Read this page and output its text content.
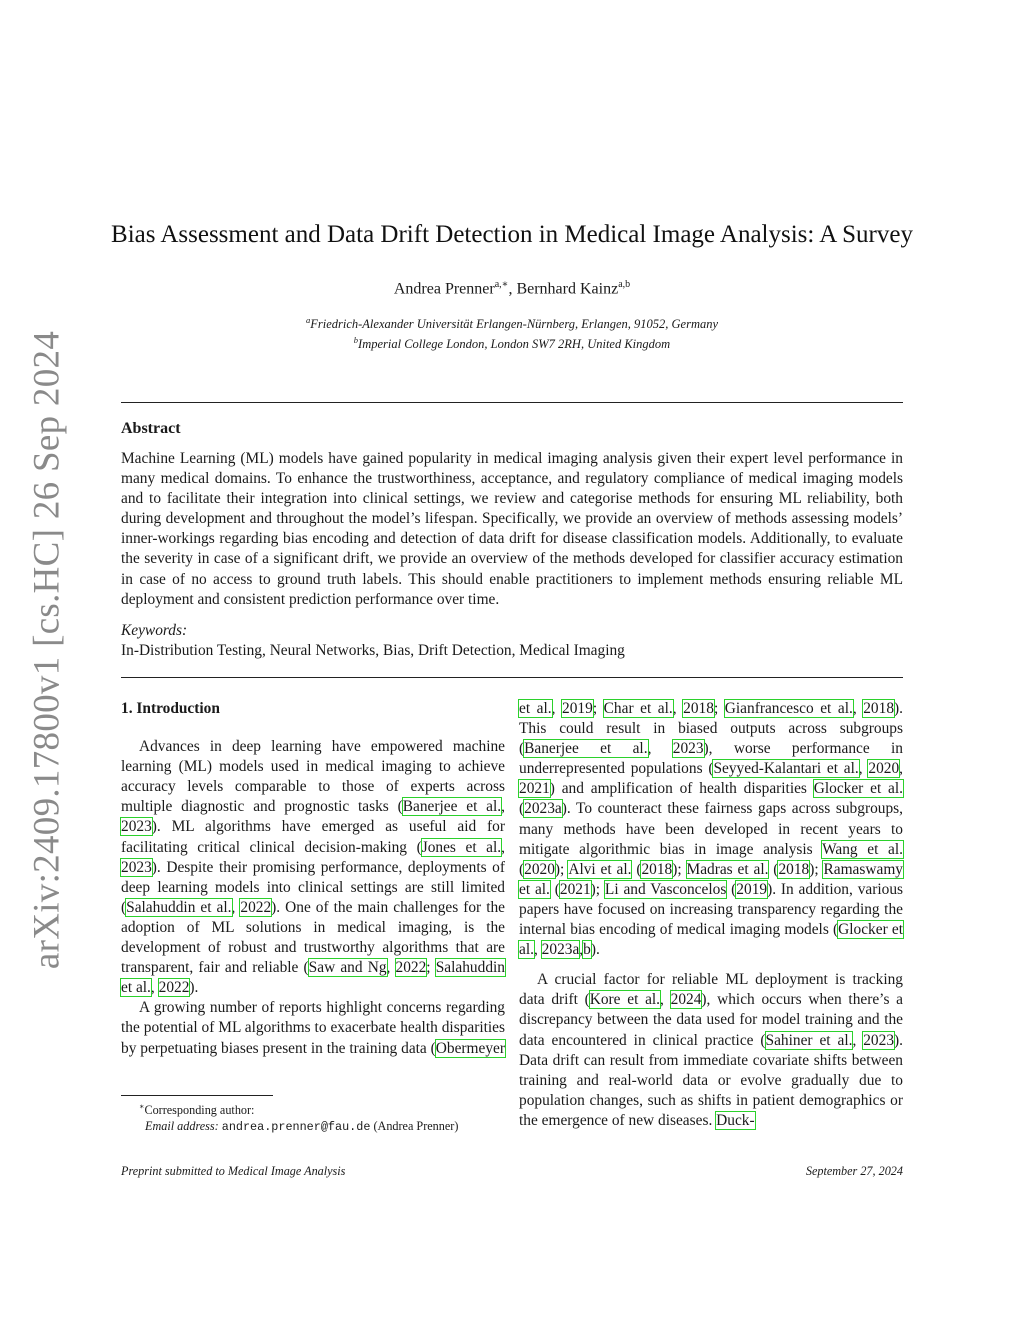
arXiv:2409.17800v1 [cs.HC] 26 Sep 2024
Bias Assessment and Data Drift Detection in Medical Image Analysis: A Survey
Andrea Prenner$^{a,∗}$, Bernhard Kainz$^{a,b}$
$^a$Friedrich-Alexander Universität Erlangen-Nürnberg, Erlangen, 91052, Germany
$^b$Imperial College London, London SW7 2RH, United Kingdom
Abstract
Machine Learning (ML) models have gained popularity in medical imaging analysis given their expert level performance in many medical domains. To enhance the trustworthiness, acceptance, and regulatory compliance of medical imaging models and to facilitate their integration into clinical settings, we review and categorise methods for ensuring ML reliability, both during development and throughout the model’s lifespan. Specifically, we provide an overview of methods assessing models’ inner-workings regarding bias encoding and detection of data drift for disease classification models. Additionally, to evaluate the severity in case of a significant drift, we provide an overview of the methods developed for classifier accuracy estimation in case of no access to ground truth labels. This should enable practitioners to implement methods ensuring reliable ML deployment and consistent prediction performance over time.
Keywords:
In-Distribution Testing, Neural Networks, Bias, Drift Detection, Medical Imaging

1. Introduction

Advances in deep learning have empowered machine learning (ML) models used in medical imaging to achieve accuracy levels comparable to those of experts across multiple diagnostic and prognostic tasks (Banerjee et al., 2023). ML algorithms have emerged as useful aid for facilitating critical clinical decision-making (Jones et al., 2023). Despite their promising performance, deployments of deep learning models into clinical settings are still limited (Salahuddin et al., 2022). One of the main challenges for the adoption of ML solutions in medical imaging, is the development of robust and trustworthy algorithms that are transparent, fair and reliable (Saw and Ng, 2022; Salahuddin et al., 2022).

A growing number of reports highlight concerns regarding the potential of ML algorithms to exacerbate health disparities by perpetuating biases present in the training data (Obermeyer

et al., 2019; Char et al., 2018; Gianfrancesco et al., 2018). This could result in biased outputs across subgroups (Banerjee et al., 2023), worse performance in underrepresented populations (Seyyed-Kalantari et al., 2020, 2021) and amplification of health disparities Glocker et al. (2023a). To counteract these fairness gaps across subgroups, many methods have been developed in recent years to mitigate algorithmic bias in image analysis Wang et al. (2020); Alvi et al. (2018); Madras et al. (2018); Ramaswamy et al. (2021); Li and Vasconcelos (2019). In addition, various papers have focused on increasing transparency regarding the internal bias encoding of medical imaging models (Glocker et al., 2023a,b).

A crucial factor for reliable ML deployment is tracking data drift (Kore et al., 2024), which occurs when there’s a discrepancy between the data used for model training and the data encountered in clinical practice (Sahiner et al., 2023). Data drift can result from immediate covariate shifts between training and real-world data or evolve gradually due to population changes, such as shifts in patient demographics or the emergence of new diseases. Duck-

∗Corresponding author:
Email address: andrea.prenner@fau.de (Andrea Prenner)
Preprint submitted to Medical Image Analysis	September 27, 2024
